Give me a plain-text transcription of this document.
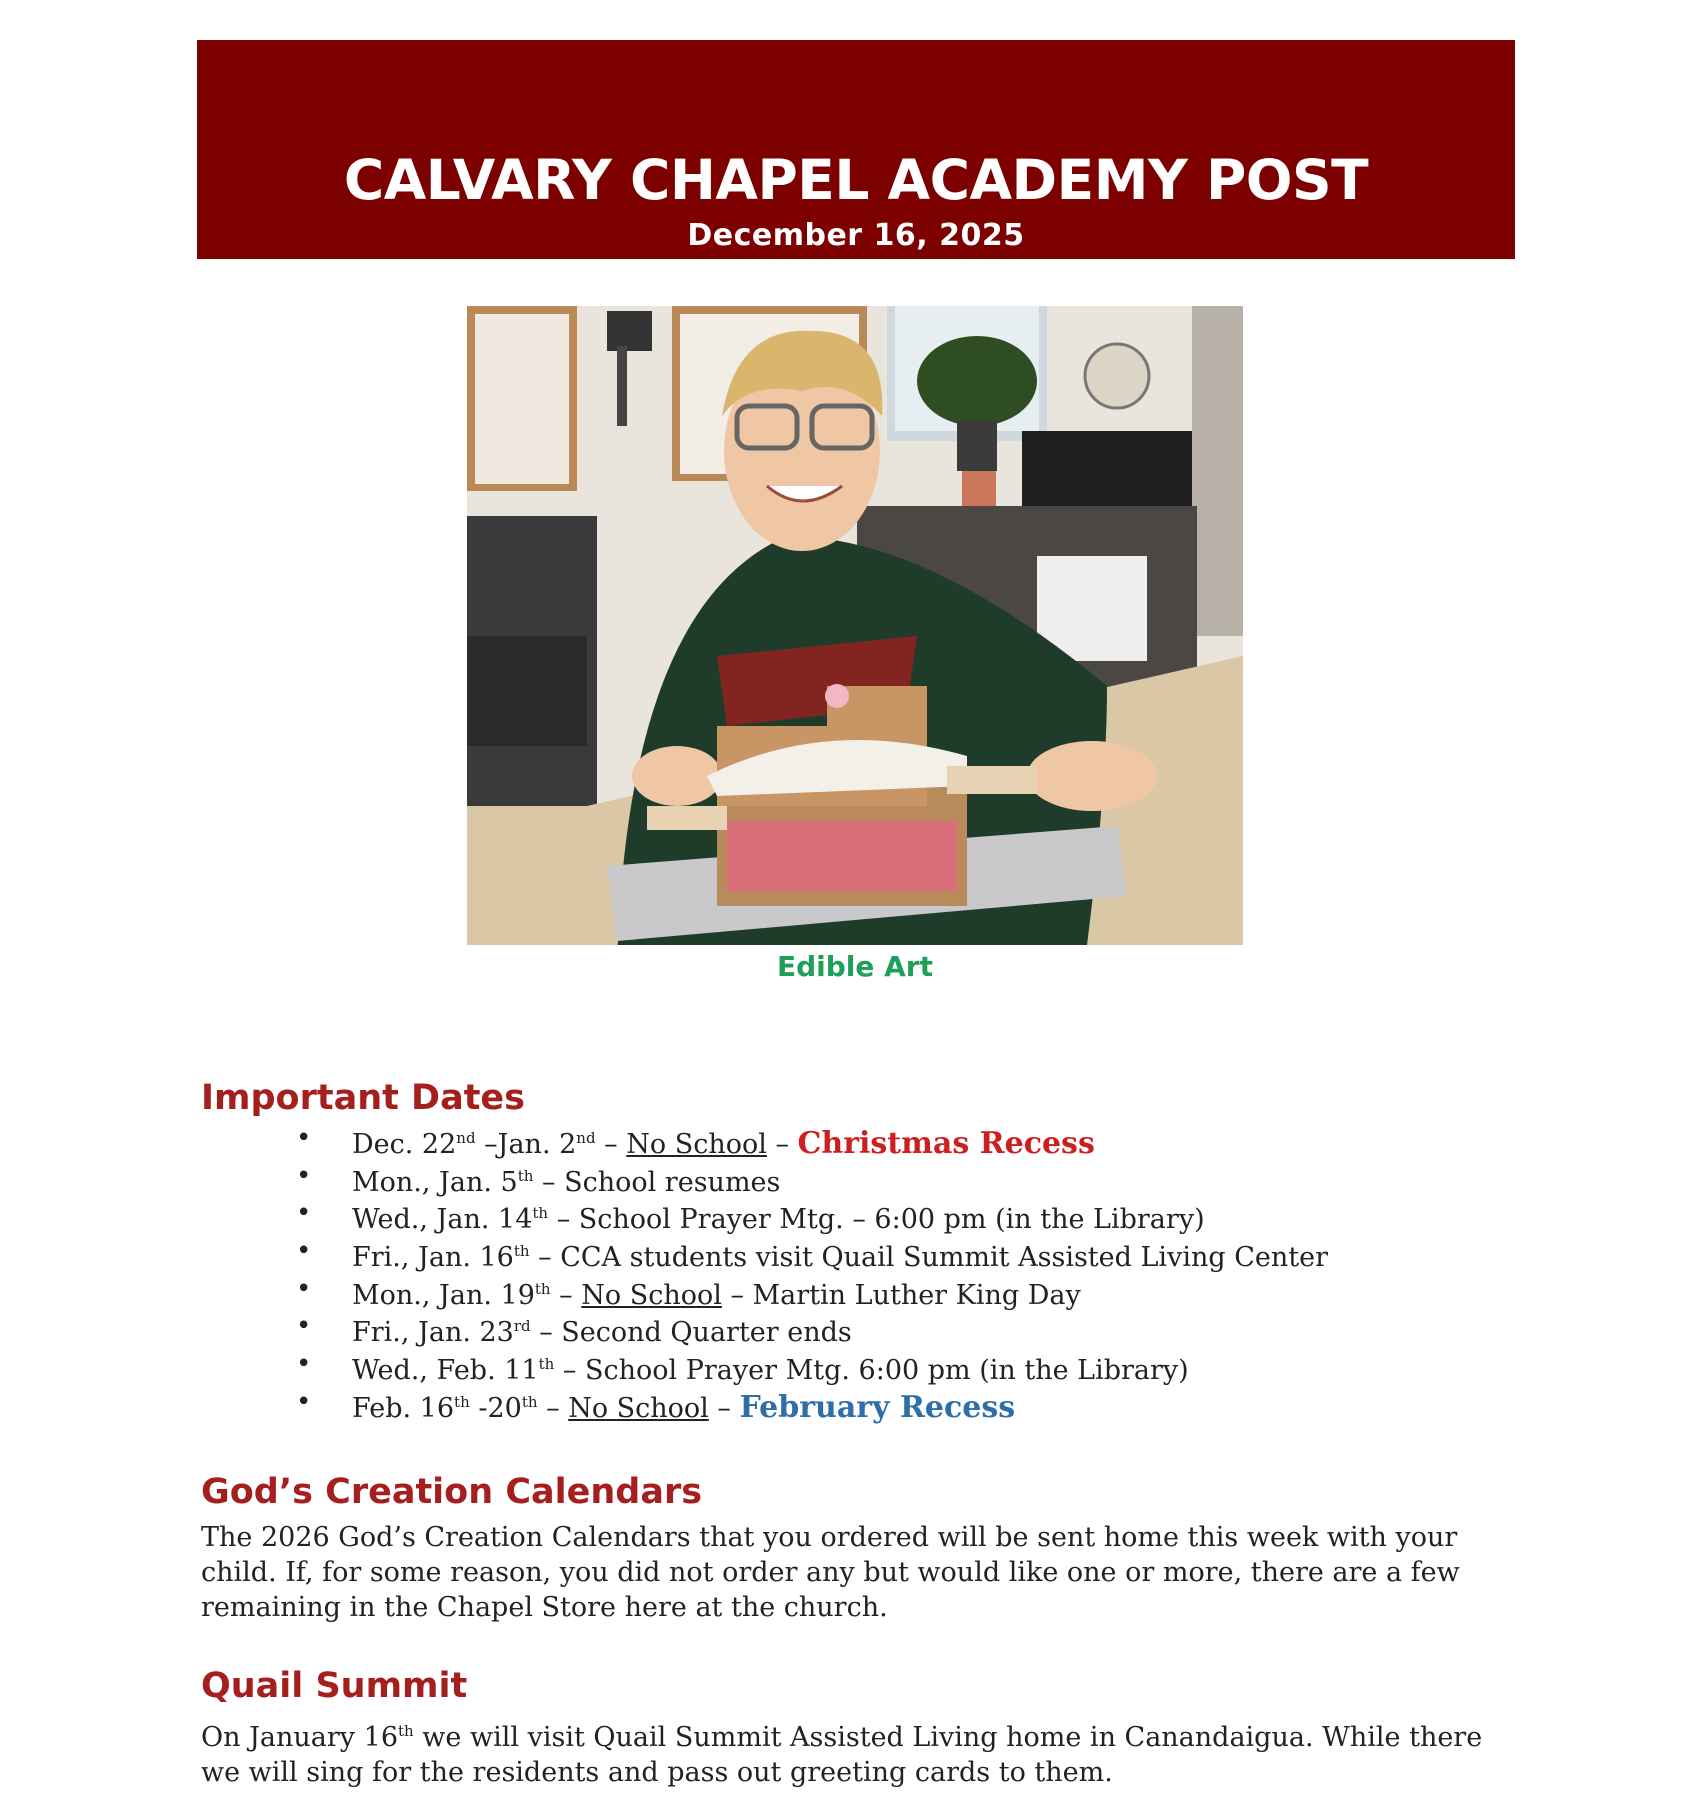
CALVARY CHAPEL ACADEMY POST
December 16, 2025
Edible Art
Important Dates
• Dec. 22nd –Jan. 2nd – No School – Christmas Recess
• Mon., Jan. 5th – School resumes
• Wed., Jan. 14th – School Prayer Mtg. – 6:00 pm (in the Library)
• Fri., Jan. 16th – CCA students visit Quail Summit Assisted Living Center
• Mon., Jan. 19th – No School – Martin Luther King Day
• Fri., Jan. 23rd – Second Quarter ends
• Wed., Feb. 11th – School Prayer Mtg. 6:00 pm (in the Library)
• Feb. 16th -20th – No School – February Recess
God’s Creation Calendars

The 2026 God’s Creation Calendars that you ordered will be sent home this week with your child. If, for some reason, you did not order any but would like one or more, there are a few remaining in the Chapel Store here at the church.

Quail Summit

On January 16th we will visit Quail Summit Assisted Living home in Canandaigua. While there we will sing for the residents and pass out greeting cards to them.
